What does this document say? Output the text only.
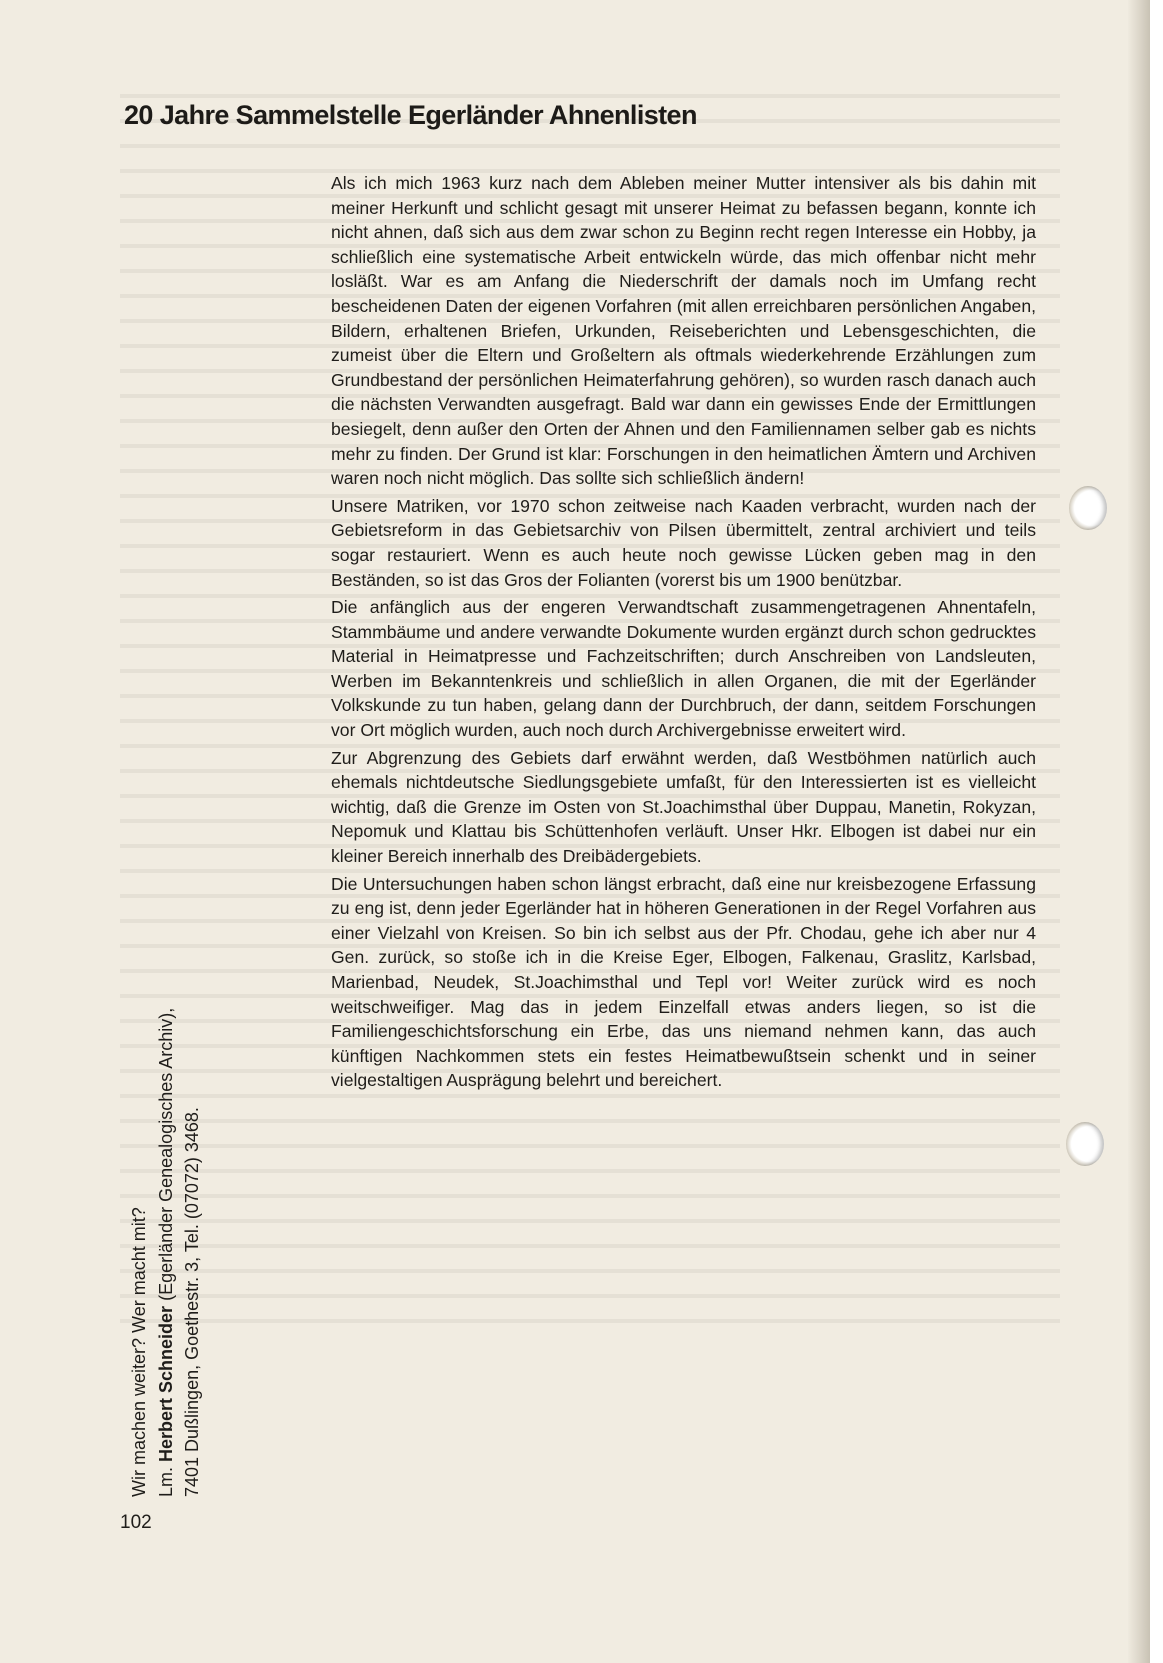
20 Jahre Sammelstelle Egerländer Ahnenlisten

Als ich mich 1963 kurz nach dem Ableben meiner Mutter intensiver als bis dahin mit meiner Herkunft und schlicht gesagt mit unserer Heimat zu befassen begann, konnte ich nicht ahnen, daß sich aus dem zwar schon zu Beginn recht regen Interesse ein Hobby, ja schließlich eine systematische Arbeit entwickeln würde, das mich offenbar nicht mehr losläßt. War es am Anfang die Niederschrift der damals noch im Umfang recht bescheidenen Daten der eigenen Vorfahren (mit allen erreichbaren persönlichen Angaben, Bildern, erhaltenen Briefen, Urkunden, Reiseberichten und Lebensgeschichten, die zumeist über die Eltern und Großeltern als oftmals wiederkehrende Erzählungen zum Grundbestand der persönlichen Heimaterfahrung gehören), so wurden rasch danach auch die nächsten Verwandten ausgefragt. Bald war dann ein gewisses Ende der Ermittlungen besiegelt, denn außer den Orten der Ahnen und den Familiennamen selber gab es nichts mehr zu finden. Der Grund ist klar: Forschungen in den heimatlichen Ämtern und Archiven waren noch nicht möglich. Das sollte sich schließlich ändern!

Unsere Matriken, vor 1970 schon zeitweise nach Kaaden verbracht, wurden nach der Gebietsreform in das Gebietsarchiv von Pilsen übermittelt, zentral archiviert und teils sogar restauriert. Wenn es auch heute noch gewisse Lücken geben mag in den Beständen, so ist das Gros der Folianten (vorerst bis um 1900 benützbar.

Die anfänglich aus der engeren Verwandtschaft zusammengetragenen Ahnentafeln, Stammbäume und andere verwandte Dokumente wurden ergänzt durch schon gedrucktes Material in Heimatpresse und Fachzeitschriften; durch Anschreiben von Landsleuten, Werben im Bekanntenkreis und schließlich in allen Organen, die mit der Egerländer Volkskunde zu tun haben, gelang dann der Durchbruch, der dann, seitdem Forschungen vor Ort möglich wurden, auch noch durch Archivergebnisse erweitert wird.

Zur Abgrenzung des Gebiets darf erwähnt werden, daß Westböhmen natürlich auch ehemals nichtdeutsche Siedlungsgebiete umfaßt, für den Interessierten ist es vielleicht wichtig, daß die Grenze im Osten von St.Joachimsthal über Duppau, Manetin, Rokyzan, Nepomuk und Klattau bis Schüttenhofen verläuft. Unser Hkr. Elbogen ist dabei nur ein kleiner Bereich innerhalb des Dreibädergebiets.

Die Untersuchungen haben schon längst erbracht, daß eine nur kreisbezogene Erfassung zu eng ist, denn jeder Egerländer hat in höheren Generationen in der Regel Vorfahren aus einer Vielzahl von Kreisen. So bin ich selbst aus der Pfr. Chodau, gehe ich aber nur 4 Gen. zurück, so stoße ich in die Kreise Eger, Elbogen, Falkenau, Graslitz, Karlsbad, Marienbad, Neudek, St.Joachimsthal und Tepl vor! Weiter zurück wird es noch weitschweifiger. Mag das in jedem Einzelfall etwas anders liegen, so ist die Familiengeschichtsforschung ein Erbe, das uns niemand nehmen kann, das auch künftigen Nachkommen stets ein festes Heimatbewußtsein schenkt und in seiner vielgestaltigen Ausprägung belehrt und bereichert.

Wir machen weiter? Wer macht mit? Lm. Herbert Schneider (Egerländer Genealogisches Archiv), 7401 Dußlingen, Goethestr. 3, Tel. (07072) 3468.
102
